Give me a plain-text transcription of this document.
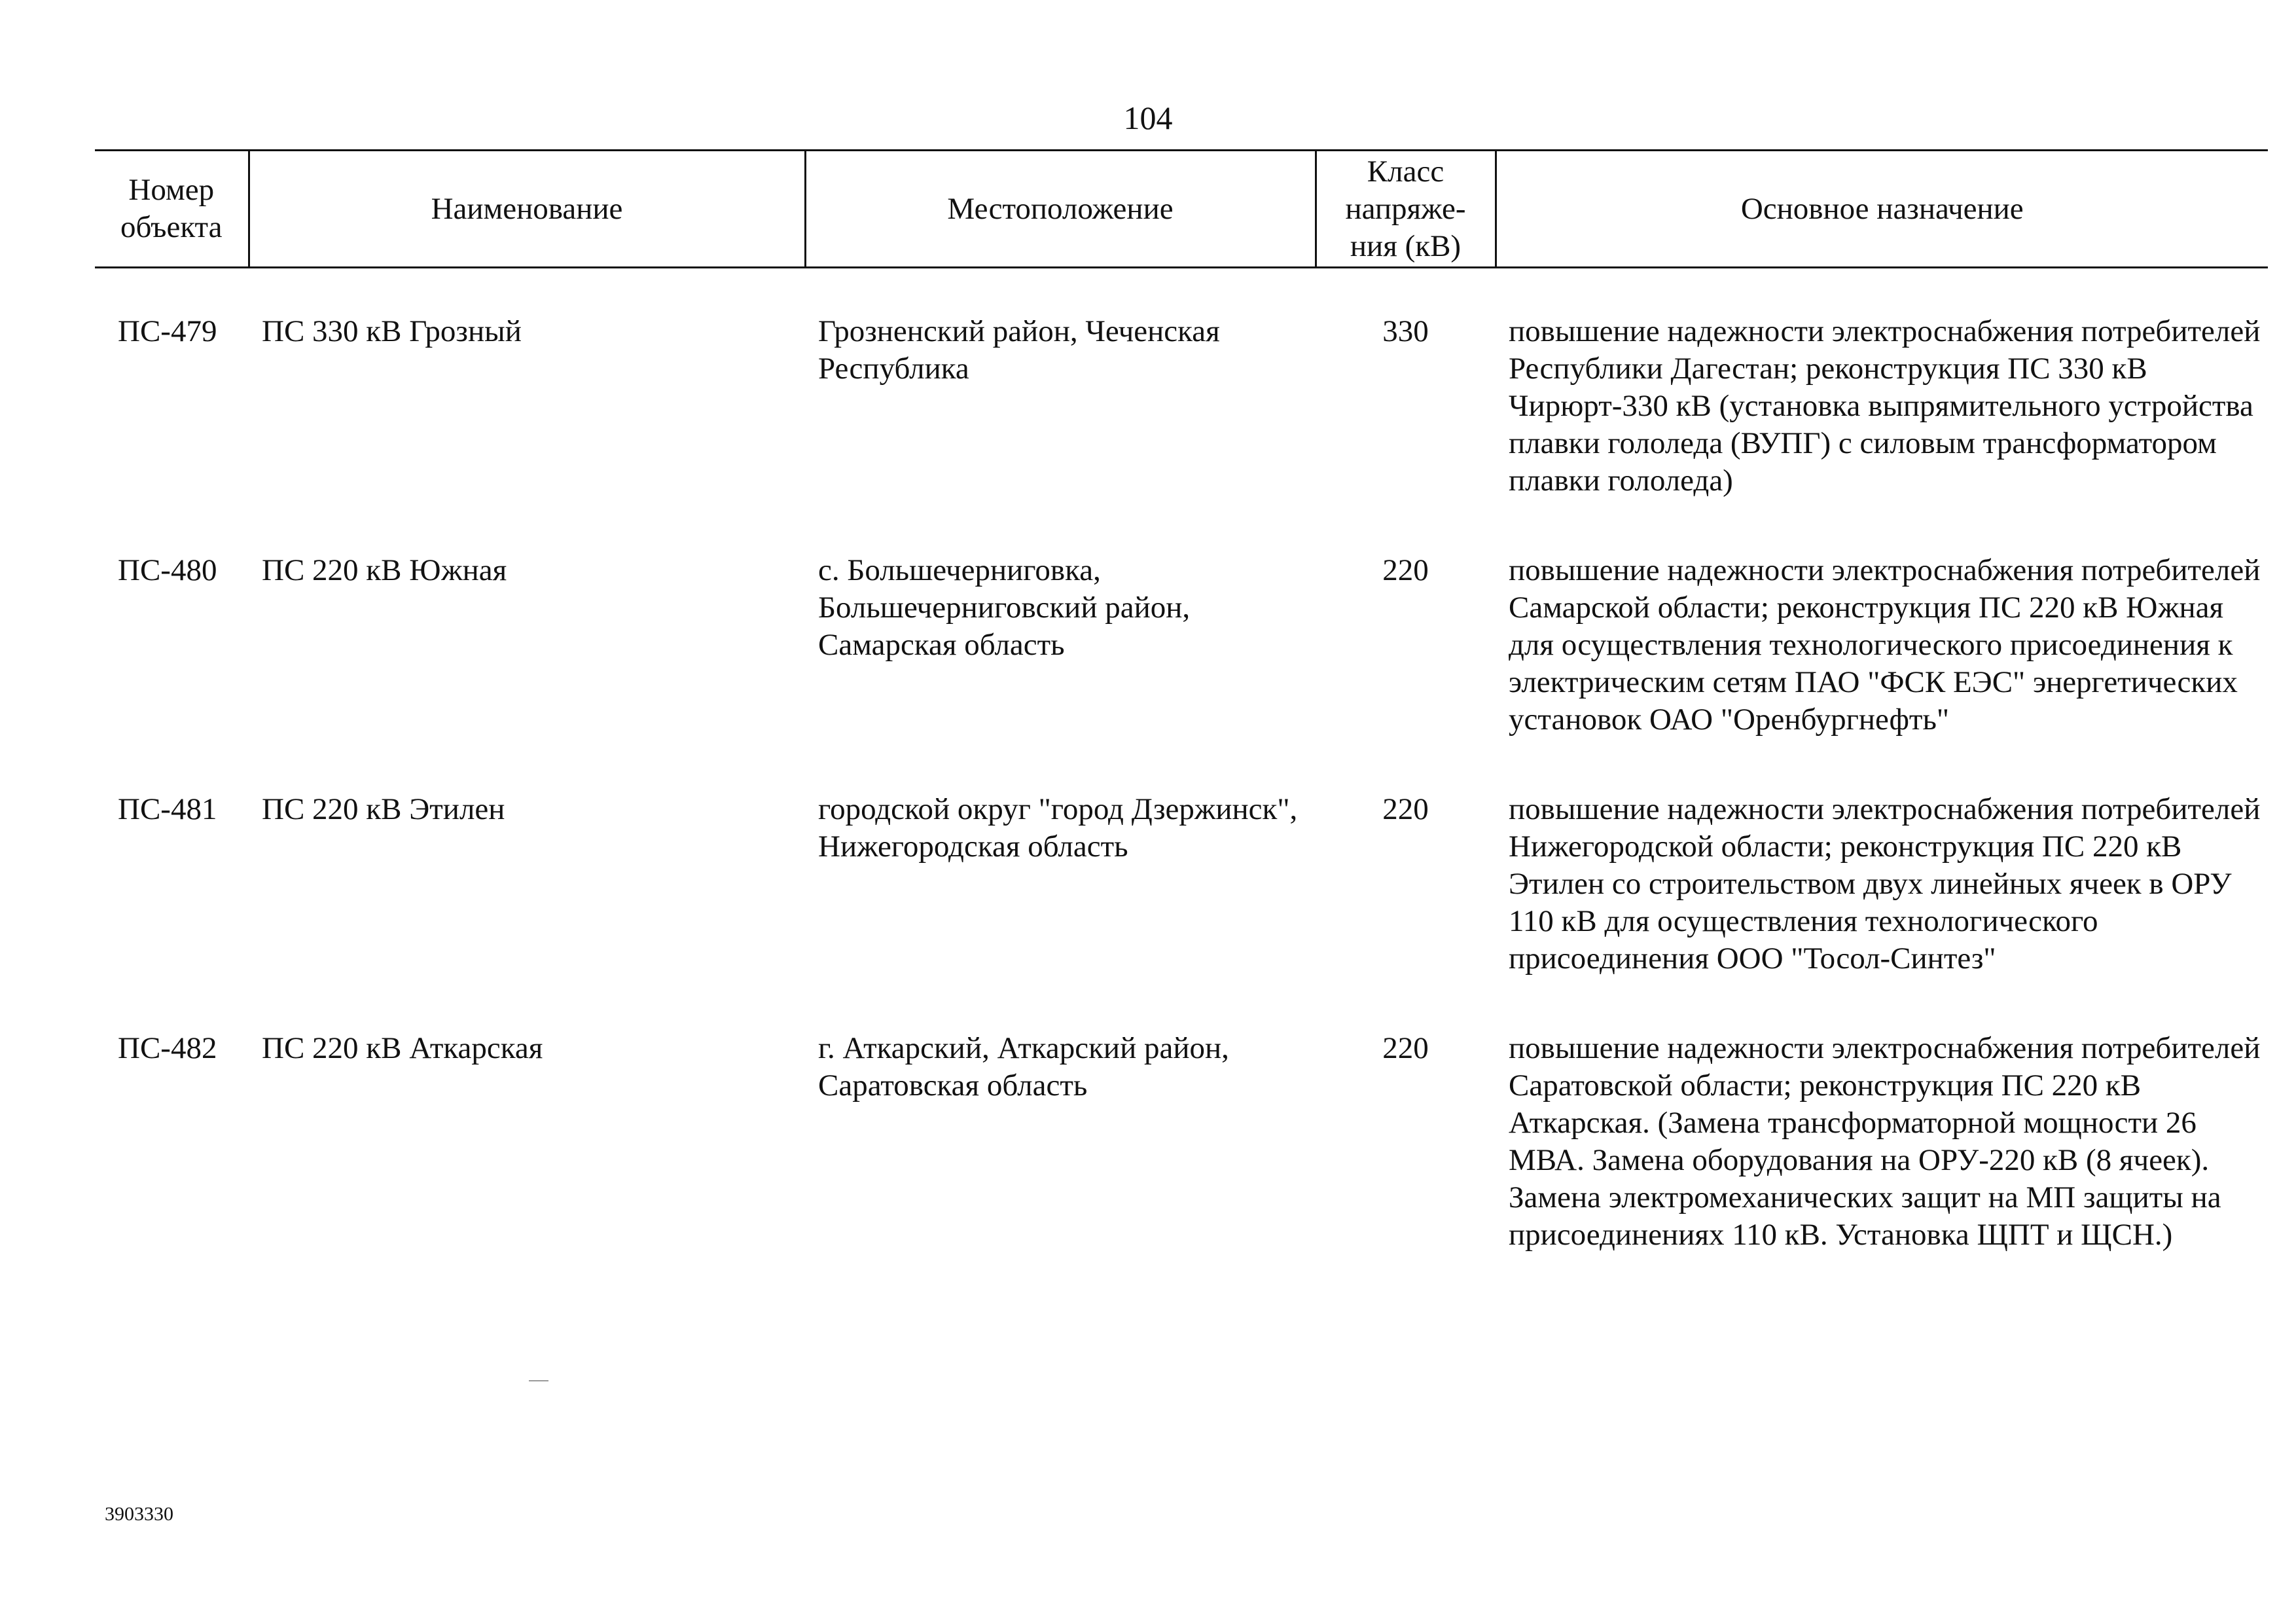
104
Номер объекта	Наименование	Местоположение	Класс напряже-ния (кВ)	Основное назначение
ПС-479	ПС 330 кВ Грозный	Грозненский район, Чеченская Республика	330	повышение надежности электроснабжения потребителей Республики Дагестан; реконструкция ПС 330 кВ Чирюрт-330 кВ (установка выпрямительного устройства плавки гололеда (ВУПГ) с силовым трансформатором плавки гололеда)
ПС-480	ПС 220 кВ Южная	с. Большечерниговка, Большечерниговский район, Самарская область	220	повышение надежности электроснабжения потребителей Самарской области; реконструкция ПС 220 кВ Южная для осуществления технологического присоединения к электрическим сетям ПАО "ФСК ЕЭС" энергетических установок ОАО "Оренбургнефть"
ПС-481	ПС 220 кВ Этилен	городской округ "город Дзержинск", Нижегородская область	220	повышение надежности электроснабжения потребителей Нижегородской области; реконструкция ПС 220 кВ Этилен со строительством двух линейных ячеек в ОРУ 110 кВ для осуществления технологического присоединения ООО "Тосол-Синтез"
ПС-482	ПС 220 кВ Аткарская	г. Аткарский, Аткарский район, Саратовская область	220	повышение надежности электроснабжения потребителей Саратовской области; реконструкция ПС 220 кВ Аткарская. (Замена трансформаторной мощности 26 МВА. Замена оборудования на ОРУ-220 кВ (8 ячеек). Замена электромеханических защит на МП защиты на присоединениях 110 кВ. Установка ЩПТ и ЩСН.)
3903330
